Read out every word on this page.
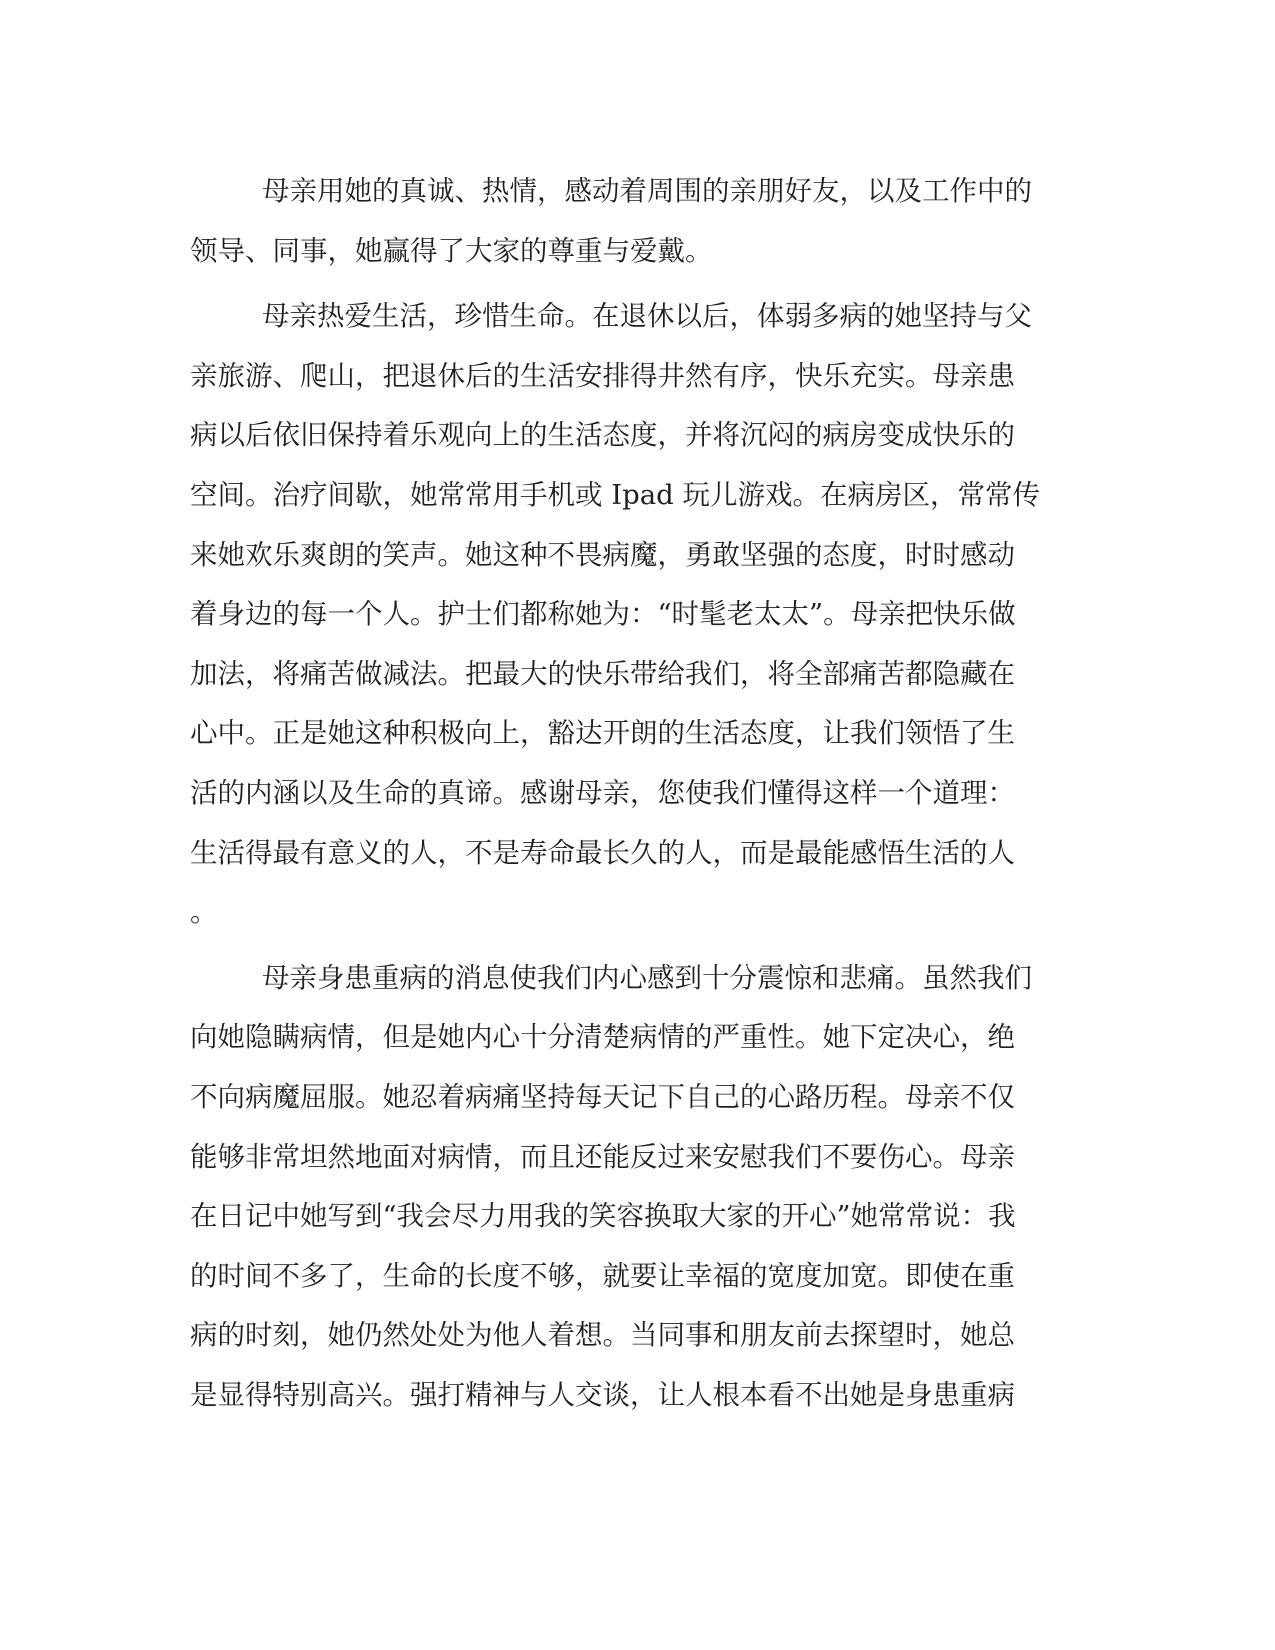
母亲用她的真诚、热情，感动着周围的亲朋好友，以及工作中的
领导、同事，她赢得了大家的尊重与爱戴。
母亲热爱生活，珍惜生命。在退休以后，体弱多病的她坚持与父
亲旅游、爬山，把退休后的生活安排得井然有序，快乐充实。母亲患
病以后依旧保持着乐观向上的生活态度，并将沉闷的病房变成快乐的
空间。治疗间歇，她常常用手机或 Ipad 玩儿游戏。在病房区，常常传
来她欢乐爽朗的笑声。她这种不畏病魔，勇敢坚强的态度，时时感动
着身边的每一个人。护士们都称她为：“时髦老太太”。母亲把快乐做
加法，将痛苦做减法。把最大的快乐带给我们，将全部痛苦都隐藏在
心中。正是她这种积极向上，豁达开朗的生活态度，让我们领悟了生
活的内涵以及生命的真谛。感谢母亲，您使我们懂得这样一个道理：
生活得最有意义的人，不是寿命最长久的人，而是最能感悟生活的人
。
母亲身患重病的消息使我们内心感到十分震惊和悲痛。虽然我们
向她隐瞒病情，但是她内心十分清楚病情的严重性。她下定决心，绝
不向病魔屈服。她忍着病痛坚持每天记下自己的心路历程。母亲不仅
能够非常坦然地面对病情，而且还能反过来安慰我们不要伤心。母亲
在日记中她写到“我会尽力用我的笑容换取大家的开心”她常常说：我
的时间不多了，生命的长度不够，就要让幸福的宽度加宽。即使在重
病的时刻，她仍然处处为他人着想。当同事和朋友前去探望时，她总
是显得特别高兴。强打精神与人交谈，让人根本看不出她是身患重病
